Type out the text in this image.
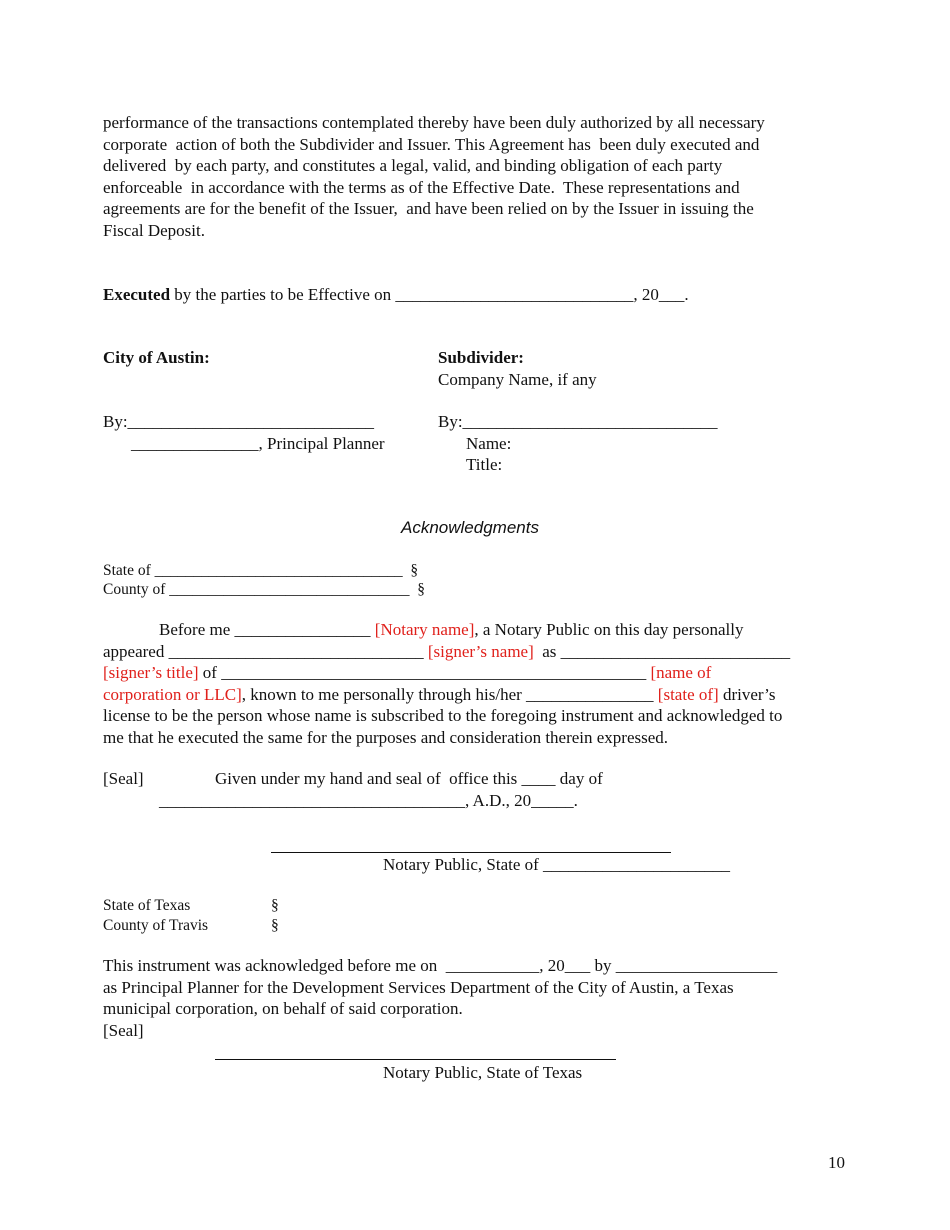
performance of the transactions contemplated thereby have been duly authorized by all necessary
corporate  action of both the Subdivider and Issuer. This Agreement has  been duly executed and
delivered  by each party, and constitutes a legal, valid, and binding obligation of each party
enforceable  in accordance with the terms as of the Effective Date.  These representations and
agreements are for the benefit of the Issuer,  and have been relied on by the Issuer in issuing the
Fiscal Deposit.
Executed by the parties to be Effective on ____________________________, 20___.
City of Austin:
By:_____________________________
_______________, Principal Planner
Subdivider:
Company Name, if any
By:______________________________
Name:
Title:
Acknowledgments
State of ________________________________  §
County of _______________________________  §
Before me ________________ [Notary name], a Notary Public on this day personally
appeared ______________________________ [signer’s name]  as ___________________________
[signer’s title] of __________________________________________________ [name of
corporation or LLC], known to me personally through his/her _______________ [state of] driver’s
license to be the person whose name is subscribed to the foregoing instrument and acknowledged to
me that he executed the same for the purposes and consideration therein expressed.
[Seal]	Given under my hand and seal of  office this ____ day of
____________________________________, A.D., 20_____.
Notary Public, State of ______________________
State of Texas	§
County of Travis	§
This instrument was acknowledged before me on  ___________, 20___ by ___________________
as Principal Planner for the Development Services Department of the City of Austin, a Texas
municipal corporation, on behalf of said corporation.
[Seal]
Notary Public, State of Texas
10
